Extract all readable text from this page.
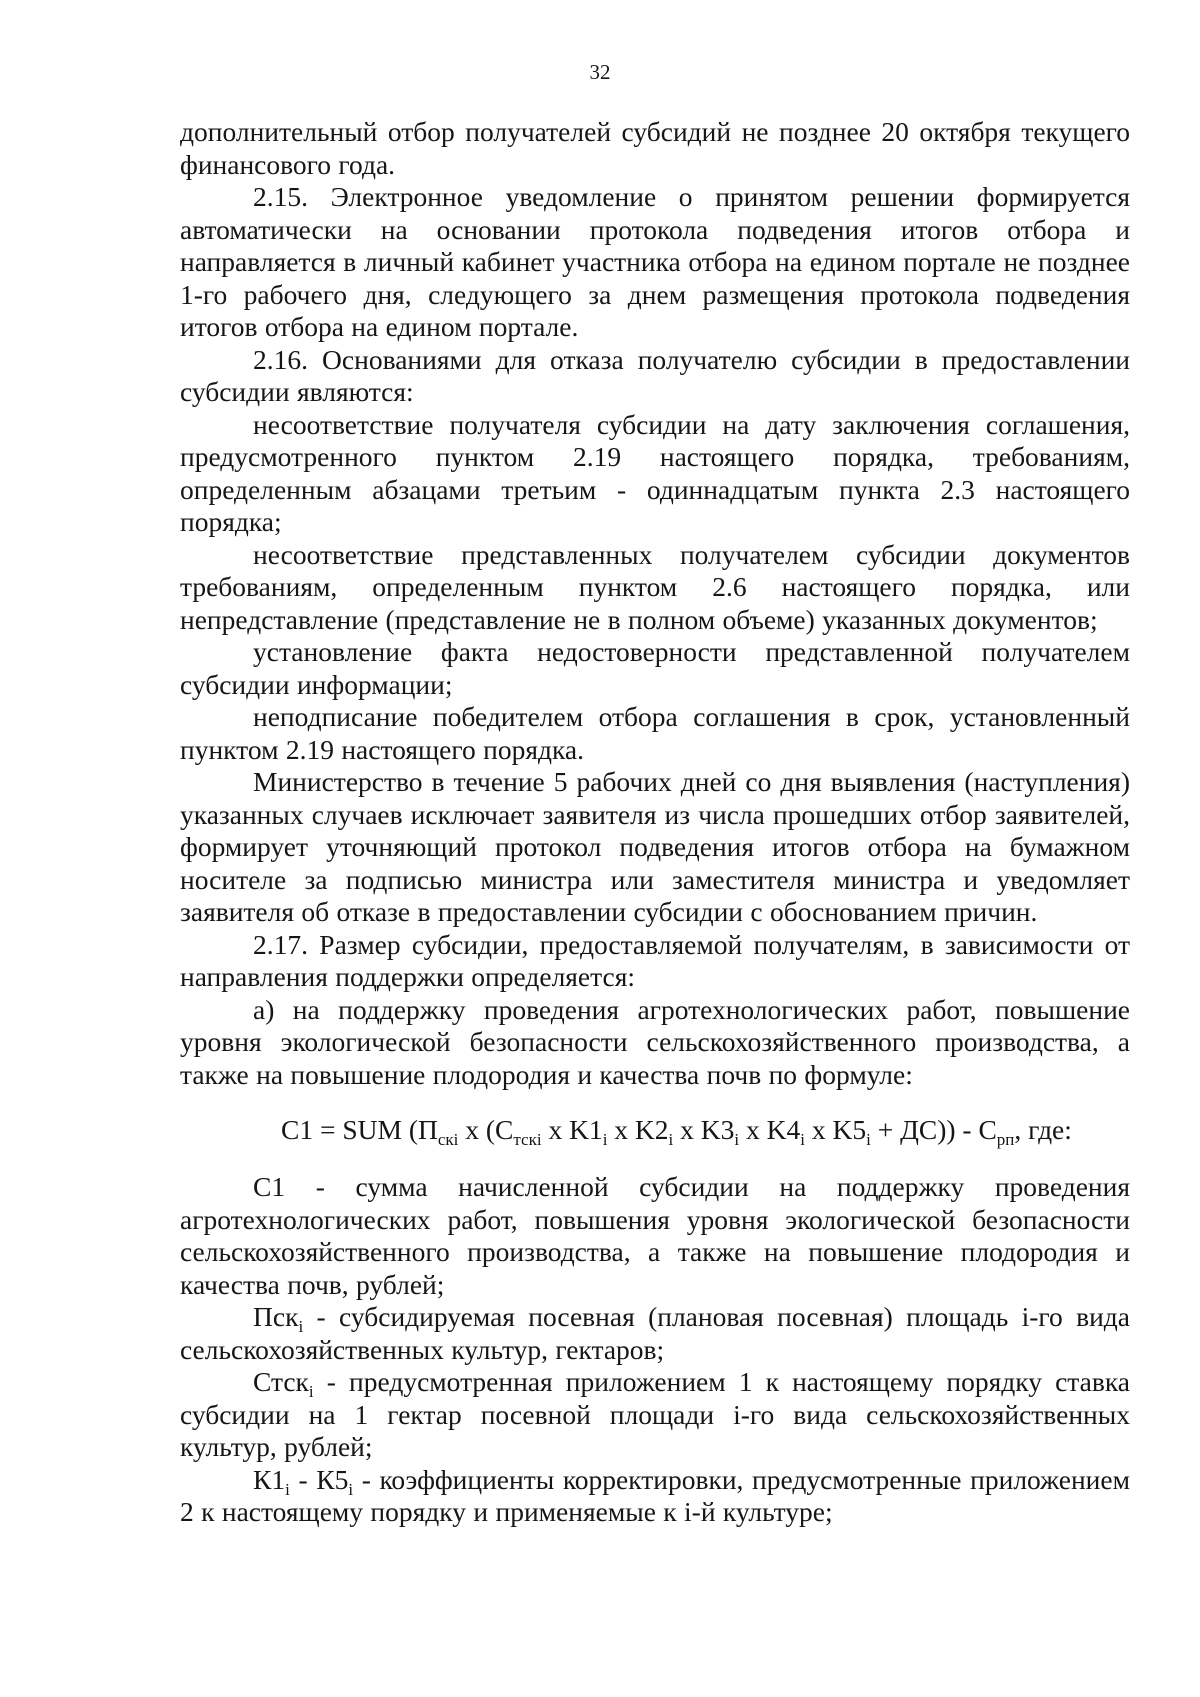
32

дополнительный отбор получателей субсидий не позднее 20 октября текущего финансового года.

2.15. Электронное уведомление о принятом решении формируется автоматически на основании протокола подведения итогов отбора и направляется в личный кабинет участника отбора на едином портале не позднее 1-го рабочего дня, следующего за днем размещения протокола подведения итогов отбора на едином портале.

2.16. Основаниями для отказа получателю субсидии в предоставлении субсидии являются:

несоответствие получателя субсидии на дату заключения соглашения, предусмотренного пунктом 2.19 настоящего порядка, требованиям, определенным абзацами третьим - одиннадцатым пункта 2.3 настоящего порядка;

несоответствие представленных получателем субсидии документов требованиям, определенным пунктом 2.6 настоящего порядка, или непредставление (представление не в полном объеме) указанных документов;

установление факта недостоверности представленной получателем субсидии информации;

неподписание победителем отбора соглашения в срок, установленный пунктом 2.19 настоящего порядка.

Министерство в течение 5 рабочих дней со дня выявления (наступления) указанных случаев исключает заявителя из числа прошедших отбор заявителей, формирует уточняющий протокол подведения итогов отбора на бумажном носителе за подписью министра или заместителя министра и уведомляет заявителя об отказе в предоставлении субсидии с обоснованием причин.

2.17. Размер субсидии, предоставляемой получателям, в зависимости от направления поддержки определяется:

а) на поддержку проведения агротехнологических работ, повышение уровня экологической безопасности сельскохозяйственного производства, а также на повышение плодородия и качества почв по формуле:

C1 = SUM ($П_{скi}$ x ($C_{тскi}$ x $K1_i$ x $K2_i$ x $K3_i$ x $K4_i$ x $K5_i + ДС)) - C_{рп}$, где:

С1 - сумма начисленной субсидии на поддержку проведения агротехнологических работ, повышения уровня экологической безопасности сельскохозяйственного производства, а также на повышение плодородия и качества почв, рублей;

Пск$_i$ - субсидируемая посевная (плановая посевная) площадь i-го вида сельскохозяйственных культур, гектаров;

Стск$_i$ - предусмотренная приложением 1 к настоящему порядку ставка субсидии на 1 гектар посевной площади i-го вида сельскохозяйственных культур, рублей;

$К1_i - К5_i$ - коэффициенты корректировки, предусмотренные приложением 2 к настоящему порядку и применяемые к i-й культуре;
